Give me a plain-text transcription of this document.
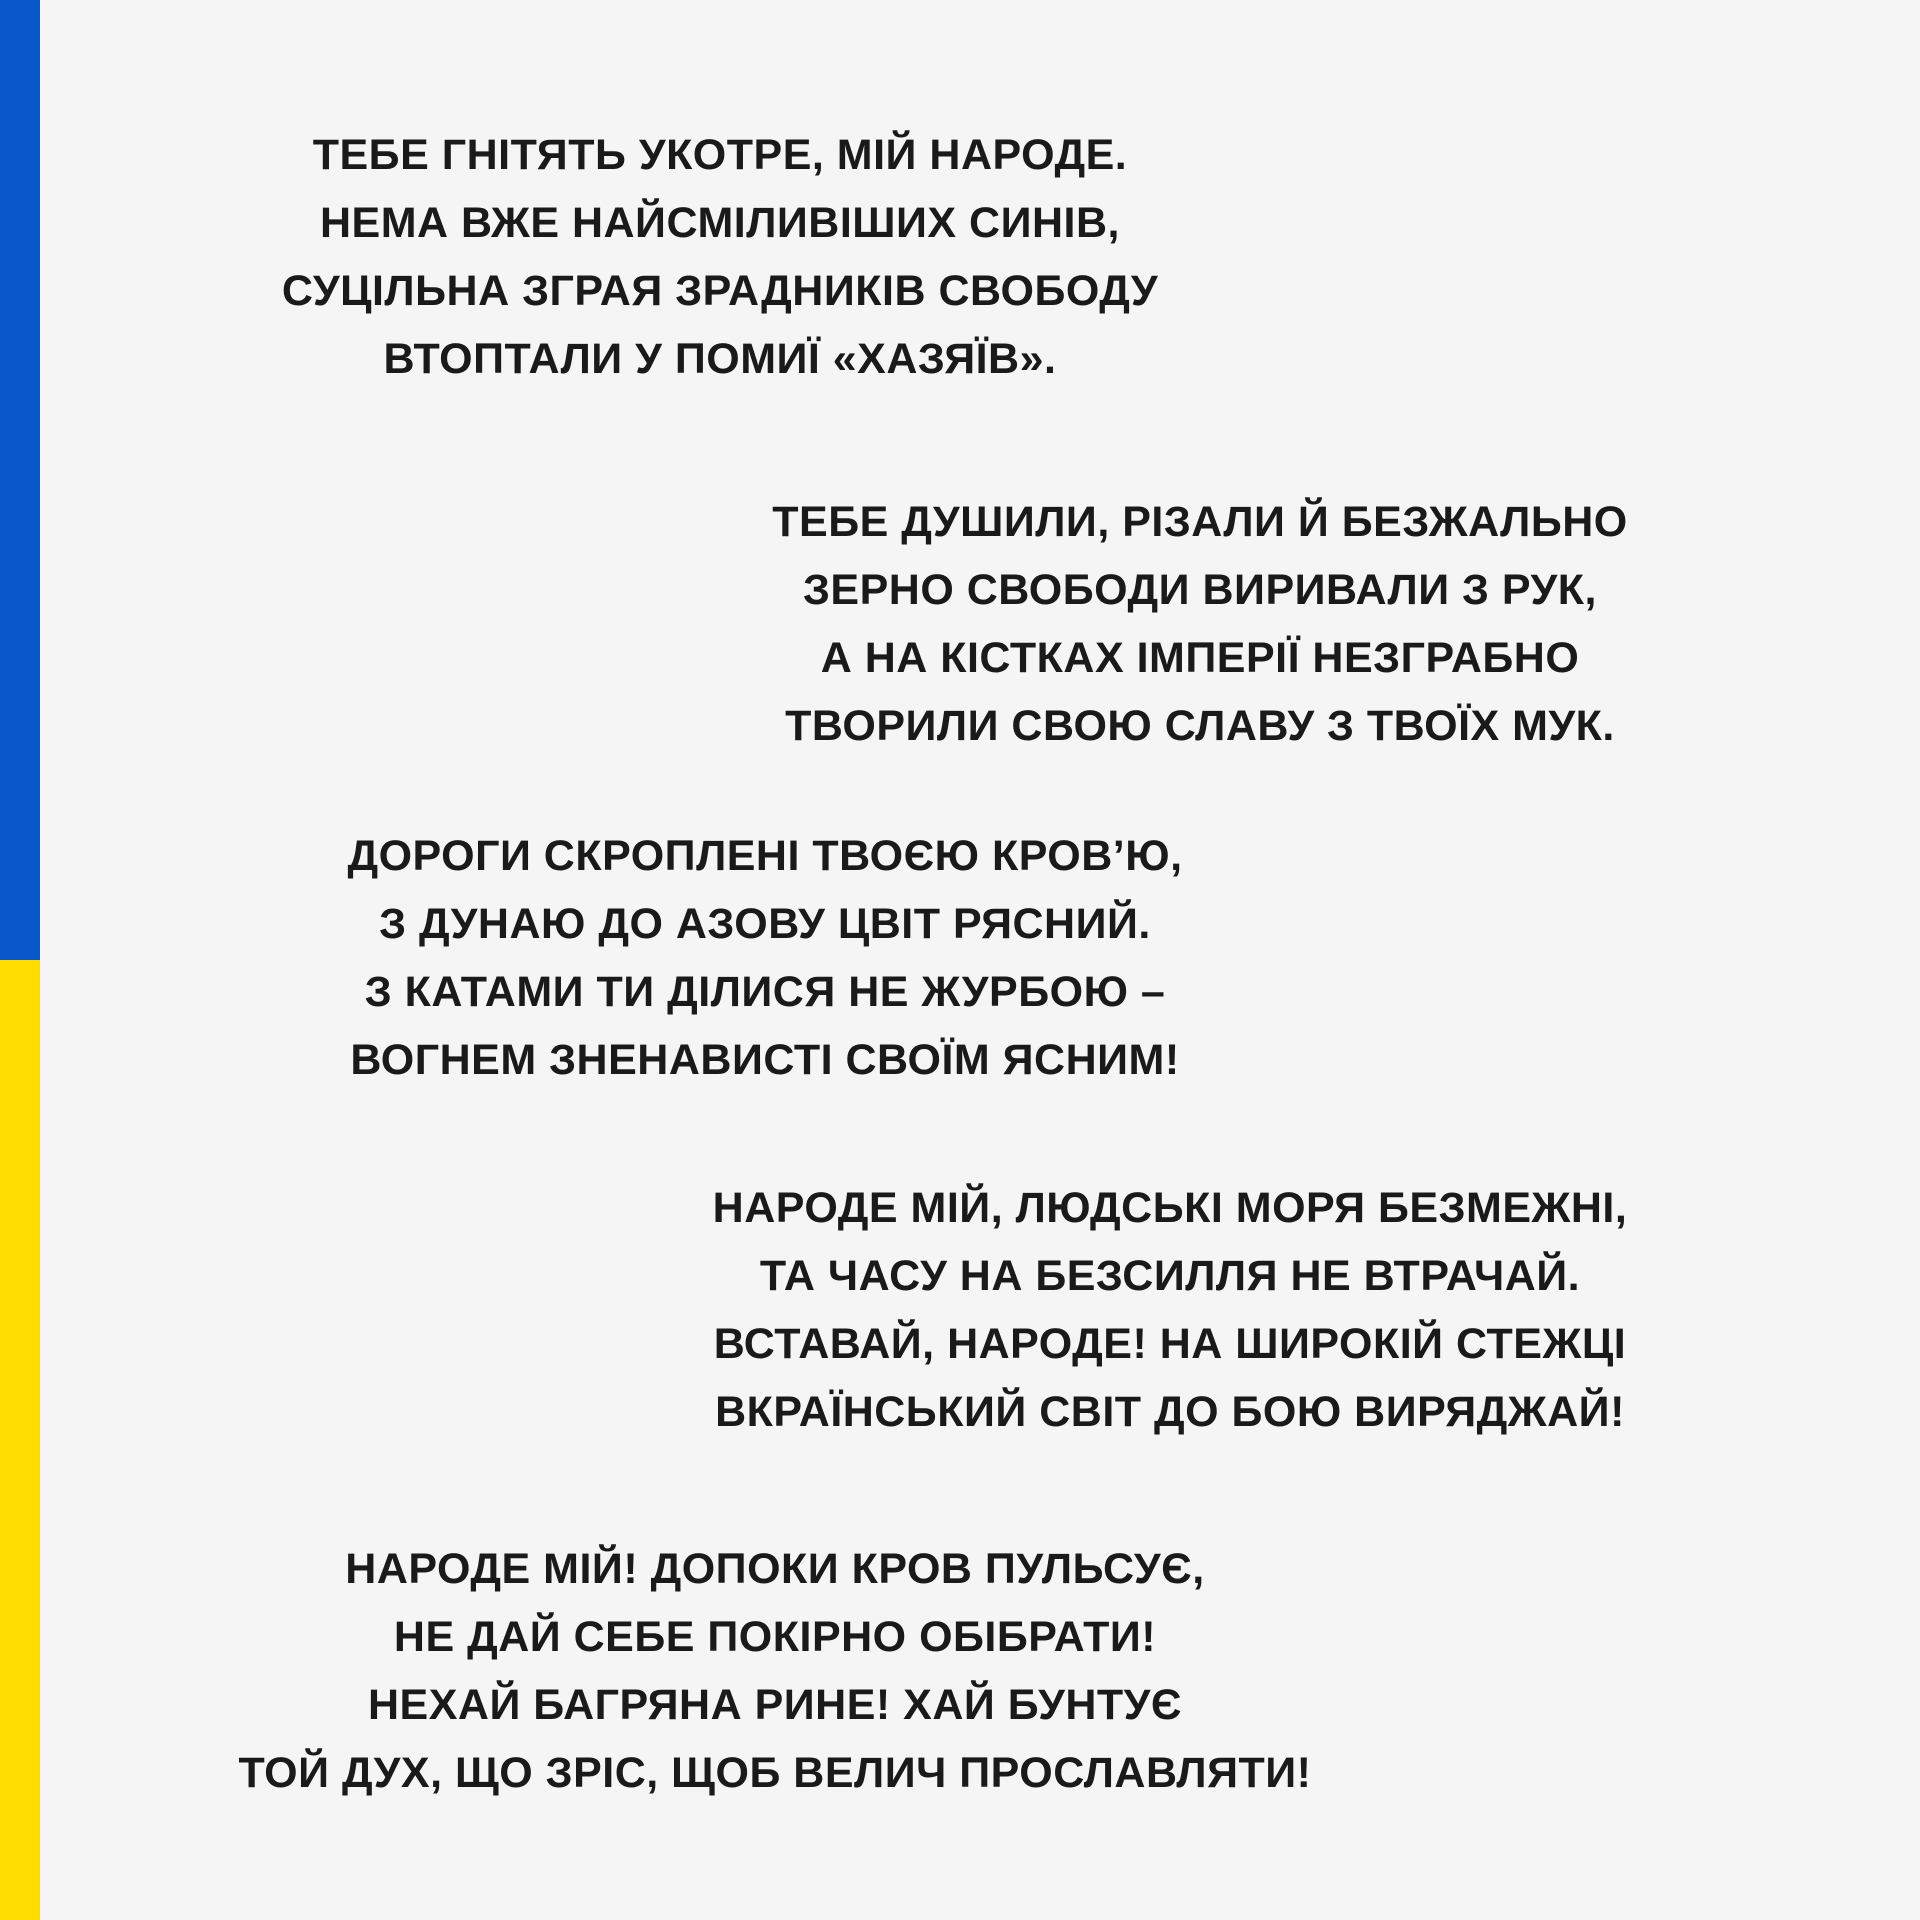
ТЕБЕ ГНІТЯТЬ УКОТРЕ, МІЙ НАРОДЕ.
НЕМА ВЖЕ НАЙСМІЛИВІШИХ СИНІВ,
СУЦІЛЬНА ЗГРАЯ ЗРАДНИКІВ СВОБОДУ
ВТОПТАЛИ У ПОМИЇ «ХАЗЯЇВ».
ТЕБЕ ДУШИЛИ, РІЗАЛИ Й БЕЗЖАЛЬНО
ЗЕРНО СВОБОДИ ВИРИВАЛИ З РУК,
А НА КІСТКАХ ІМПЕРІЇ НЕЗГРАБНО
ТВОРИЛИ СВОЮ СЛАВУ З ТВОЇХ МУК.
ДОРОГИ СКРОПЛЕНІ ТВОЄЮ КРОВ’Ю,
З ДУНАЮ ДО АЗОВУ ЦВІТ РЯСНИЙ.
З КАТАМИ ТИ ДІЛИСЯ НЕ ЖУРБОЮ –
ВОГНЕМ ЗНЕНАВИСТІ СВОЇМ ЯСНИМ!
НАРОДЕ МІЙ, ЛЮДСЬКІ МОРЯ БЕЗМЕЖНІ,
ТА ЧАСУ НА БЕЗСИЛЛЯ НЕ ВТРАЧАЙ.
ВСТАВАЙ, НАРОДЕ! НА ШИРОКІЙ СТЕЖЦІ
ВКРАЇНСЬКИЙ СВІТ ДО БОЮ ВИРЯДЖАЙ!
НАРОДЕ МІЙ! ДОПОКИ КРОВ ПУЛЬСУЄ,
НЕ ДАЙ СЕБЕ ПОКІРНО ОБІБРАТИ!
НЕХАЙ БАГРЯНА РИНЕ! ХАЙ БУНТУЄ
ТОЙ ДУХ, ЩО ЗРІС, ЩОБ ВЕЛИЧ ПРОСЛАВЛЯТИ!
